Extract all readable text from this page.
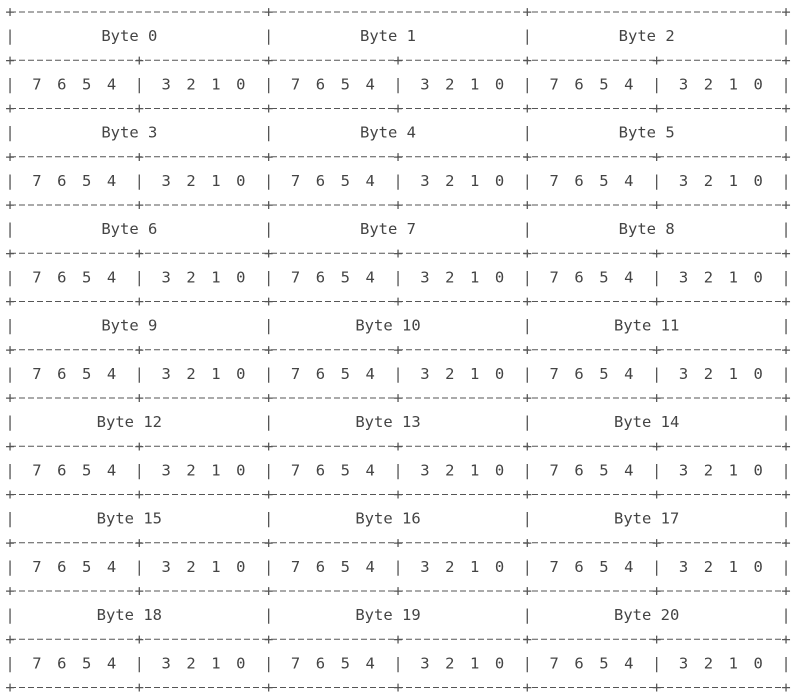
+	+	+	+
Byte 0	Byte 1	Byte 2
|	|	|	|
+	+	+	+
+	+	+
7 6 5 4	3 2 1 0	7 6 5 4	3 2 1 0	7 6 5 4	3 2 1 0
|	|	|	|	|	|	|
+	+	+	+
+	+	+
Byte 3	Byte 4	Byte 5
|	|	|	|
+	+	+	+
+	+	+
7 6 5 4	3 2 1 0	7 6 5 4	3 2 1 0	7 6 5 4	3 2 1 0
|	|	|	|	|	|	|
+	+	+	+
+	+	+
Byte 6	Byte 7	Byte 8
|	|	|	|
+	+	+	+
+	+	+
7 6 5 4	3 2 1 0	7 6 5 4	3 2 1 0	7 6 5 4	3 2 1 0
|	|	|	|	|	|	|
+	+	+	+
+	+	+
Byte 9	Byte 10	Byte 11
|	|	|	|
+	+	+	+
+	+	+
7 6 5 4	3 2 1 0	7 6 5 4	3 2 1 0	7 6 5 4	3 2 1 0
|	|	|	|	|	|	|
+	+	+	+
+	+	+
Byte 12	Byte 13	Byte 14
|	|	|	|
+	+	+	+
+	+	+
7 6 5 4	3 2 1 0	7 6 5 4	3 2 1 0	7 6 5 4	3 2 1 0
|	|	|	|	|	|	|
+	+	+	+
+	+	+
Byte 15	Byte 16	Byte 17
|	|	|	|
+	+	+	+
+	+	+
7 6 5 4	3 2 1 0	7 6 5 4	3 2 1 0	7 6 5 4	3 2 1 0
|	|	|	|	|	|	|
+	+	+	+
+	+	+
Byte 18	Byte 19	Byte 20
|	|	|	|
+	+	+	+
+	+	+
7 6 5 4	3 2 1 0	7 6 5 4	3 2 1 0	7 6 5 4	3 2 1 0
|	|	|	|	|	|	|
+	+	+	+
+	+	+
